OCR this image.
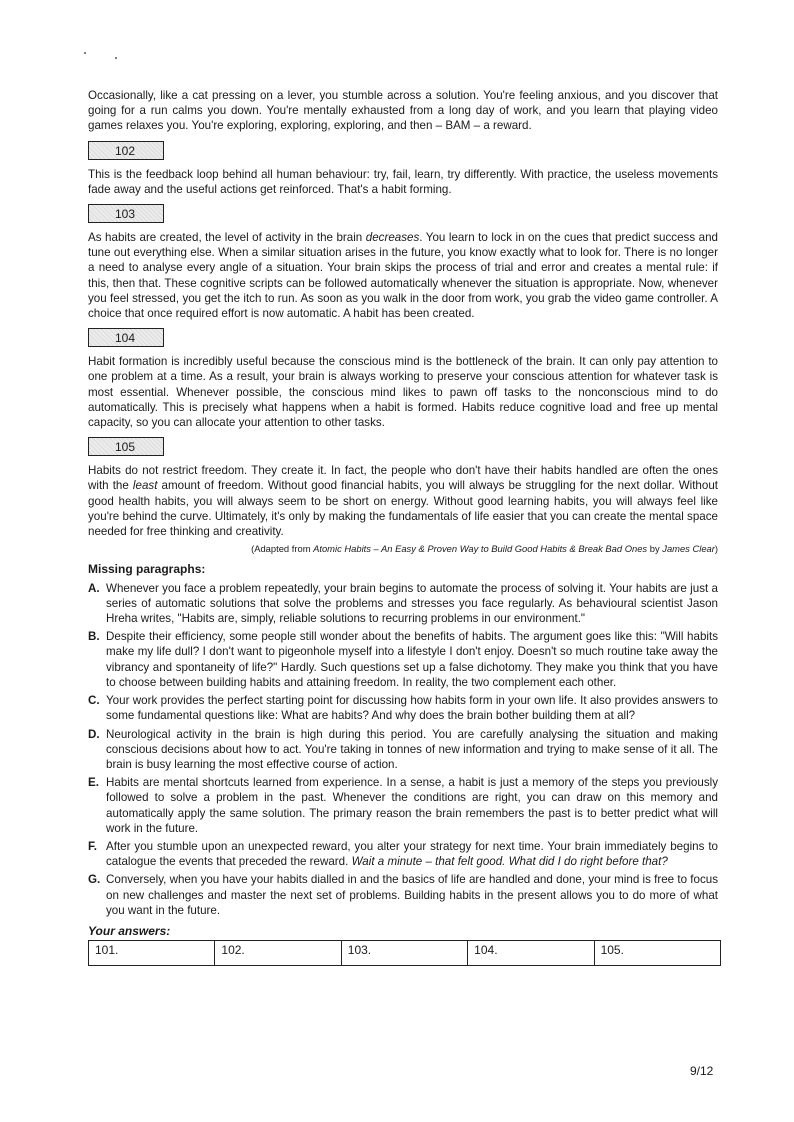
Occasionally, like a cat pressing on a lever, you stumble across a solution. You're feeling anxious, and you discover that going for a run calms you down. You're mentally exhausted from a long day of work, and you learn that playing video games relaxes you. You're exploring, exploring, exploring, and then – BAM – a reward.

102

This is the feedback loop behind all human behaviour: try, fail, learn, try differently. With practice, the useless movements fade away and the useful actions get reinforced. That's a habit forming.

103

As habits are created, the level of activity in the brain decreases. You learn to lock in on the cues that predict success and tune out everything else. When a similar situation arises in the future, you know exactly what to look for. There is no longer a need to analyse every angle of a situation. Your brain skips the process of trial and error and creates a mental rule: if this, then that. These cognitive scripts can be followed automatically whenever the situation is appropriate. Now, whenever you feel stressed, you get the itch to run. As soon as you walk in the door from work, you grab the video game controller. A choice that once required effort is now automatic. A habit has been created.

104

Habit formation is incredibly useful because the conscious mind is the bottleneck of the brain. It can only pay attention to one problem at a time. As a result, your brain is always working to preserve your conscious attention for whatever task is most essential. Whenever possible, the conscious mind likes to pawn off tasks to the nonconscious mind to do automatically. This is precisely what happens when a habit is formed. Habits reduce cognitive load and free up mental capacity, so you can allocate your attention to other tasks.

105

Habits do not restrict freedom. They create it. In fact, the people who don't have their habits handled are often the ones with the least amount of freedom. Without good financial habits, you will always be struggling for the next dollar. Without good health habits, you will always seem to be short on energy. Without good learning habits, you will always feel like you're behind the curve. Ultimately, it's only by making the fundamentals of life easier that you can create the mental space needed for free thinking and creativity.

(Adapted from Atomic Habits – An Easy & Proven Way to Build Good Habits & Break Bad Ones by James Clear)
Missing paragraphs:
A. Whenever you face a problem repeatedly, your brain begins to automate the process of solving it. Your habits are just a series of automatic solutions that solve the problems and stresses you face regularly. As behavioural scientist Jason Hreha writes, "Habits are, simply, reliable solutions to recurring problems in our environment."
B. Despite their efficiency, some people still wonder about the benefits of habits. The argument goes like this: "Will habits make my life dull? I don't want to pigeonhole myself into a lifestyle I don't enjoy. Doesn't so much routine take away the vibrancy and spontaneity of life?" Hardly. Such questions set up a false dichotomy. They make you think that you have to choose between building habits and attaining freedom. In reality, the two complement each other.
C. Your work provides the perfect starting point for discussing how habits form in your own life. It also provides answers to some fundamental questions like: What are habits? And why does the brain bother building them at all?
D. Neurological activity in the brain is high during this period. You are carefully analysing the situation and making conscious decisions about how to act. You're taking in tonnes of new information and trying to make sense of it all. The brain is busy learning the most effective course of action.
E. Habits are mental shortcuts learned from experience. In a sense, a habit is just a memory of the steps you previously followed to solve a problem in the past. Whenever the conditions are right, you can draw on this memory and automatically apply the same solution. The primary reason the brain remembers the past is to better predict what will work in the future.
F. After you stumble upon an unexpected reward, you alter your strategy for next time. Your brain immediately begins to catalogue the events that preceded the reward. Wait a minute – that felt good. What did I do right before that?
G. Conversely, when you have your habits dialled in and the basics of life are handled and done, your mind is free to focus on new challenges and master the next set of problems. Building habits in the present allows you to do more of what you want in the future.
Your answers:
101.	102.	103.	104.	105.
9/12
